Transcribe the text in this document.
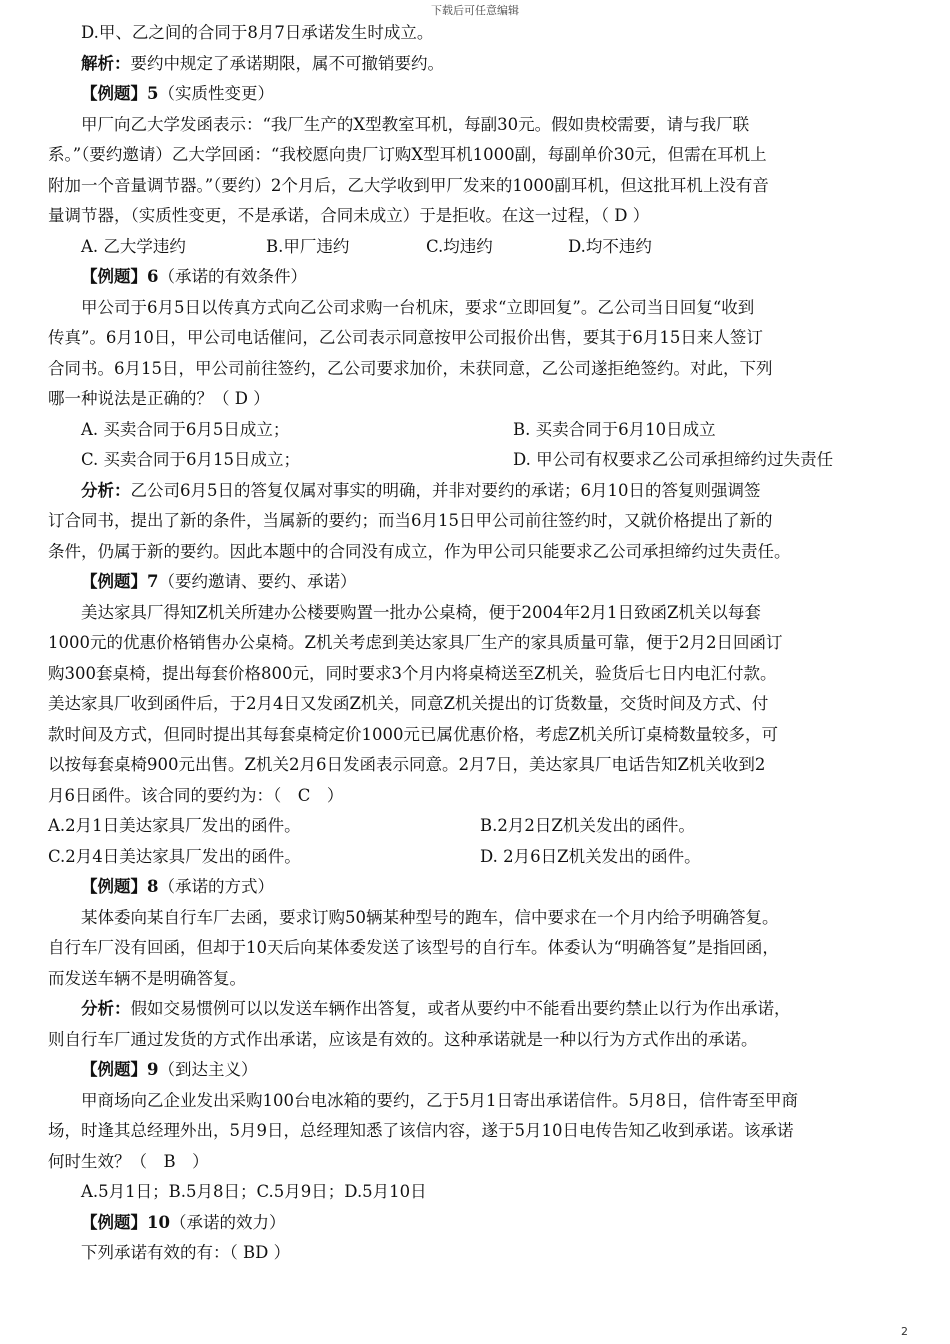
下载后可任意编辑

D.甲、乙之间的合同于8月7日承诺发生时成立。

解析：要约中规定了承诺期限，属不可撤销要约。

【例题】5（实质性变更）

甲厂向乙大学发函表示：“我厂生产的X型教室耳机，每副30元。假如贵校需要，请与我厂联

系。”（要约邀请）乙大学回函：“我校愿向贵厂订购X型耳机1000副，每副单价30元，但需在耳机上

附加一个音量调节器。”（要约）2个月后，乙大学收到甲厂发来的1000副耳机，但这批耳机上没有音

量调节器，（实质性变更，不是承诺，合同未成立）于是拒收。在这一过程，（ D ）

A. 乙大学违约	B.甲厂违约	C.均违约	D.均不违约

【例题】6（承诺的有效条件）

甲公司于6月5日以传真方式向乙公司求购一台机床，要求“立即回复”。乙公司当日回复“收到

传真”。6月10日，甲公司电话催问，乙公司表示同意按甲公司报价出售，要其于6月15日来人签订

合同书。6月15日，甲公司前往签约，乙公司要求加价，未获同意，乙公司遂拒绝签约。对此，下列

哪一种说法是正确的？（ D ）

A. 买卖合同于6月5日成立；	B. 买卖合同于6月10日成立
C. 买卖合同于6月15日成立；	D. 甲公司有权要求乙公司承担缔约过失责任

分析：乙公司6月5日的答复仅属对事实的明确，并非对要约的承诺；6月10日的答复则强调签

订合同书，提出了新的条件，当属新的要约；而当6月15日甲公司前往签约时，又就价格提出了新的

条件，仍属于新的要约。因此本题中的合同没有成立，作为甲公司只能要求乙公司承担缔约过失责任。

【例题】7（要约邀请、要约、承诺）

美达家具厂得知Z机关所建办公楼要购置一批办公桌椅，便于2004年2月1日致函Z机关以每套

1000元的优惠价格销售办公桌椅。Z机关考虑到美达家具厂生产的家具质量可靠，便于2月2日回函订

购300套桌椅，提出每套价格800元，同时要求3个月内将桌椅送至Z机关，验货后七日内电汇付款。

美达家具厂收到函件后，于2月4日又发函Z机关，同意Z机关提出的订货数量，交货时间及方式、付

款时间及方式，但同时提出其每套桌椅定价1000元已属优惠价格，考虑Z机关所订桌椅数量较多，可

以按每套桌椅900元出售。Z机关2月6日发函表示同意。2月7日，美达家具厂电话告知Z机关收到2

月6日函件。该合同的要约为：（　C　）

A.2月1日美达家具厂发出的函件。	B.2月2日Z机关发出的函件。
C.2月4日美达家具厂发出的函件。	D. 2月6日Z机关发出的函件。

【例题】8（承诺的方式）

某体委向某自行车厂去函，要求订购50辆某种型号的跑车，信中要求在一个月内给予明确答复。

自行车厂没有回函，但却于10天后向某体委发送了该型号的自行车。体委认为“明确答复”是指回函，

而发送车辆不是明确答复。

分析：假如交易惯例可以以发送车辆作出答复，或者从要约中不能看出要约禁止以行为作出承诺，

则自行车厂通过发货的方式作出承诺，应该是有效的。这种承诺就是一种以行为方式作出的承诺。

【例题】9（到达主义）

甲商场向乙企业发出采购100台电冰箱的要约，乙于5月1日寄出承诺信件。5月8日，信件寄至甲商

场，时逢其总经理外出，5月9日，总经理知悉了该信内容，遂于5月10日电传告知乙收到承诺。该承诺

何时生效？（　B　）

A.5月1日；B.5月8日；C.5月9日；D.5月10日

【例题】10（承诺的效力）

下列承诺有效的有：（ BD ）

2
